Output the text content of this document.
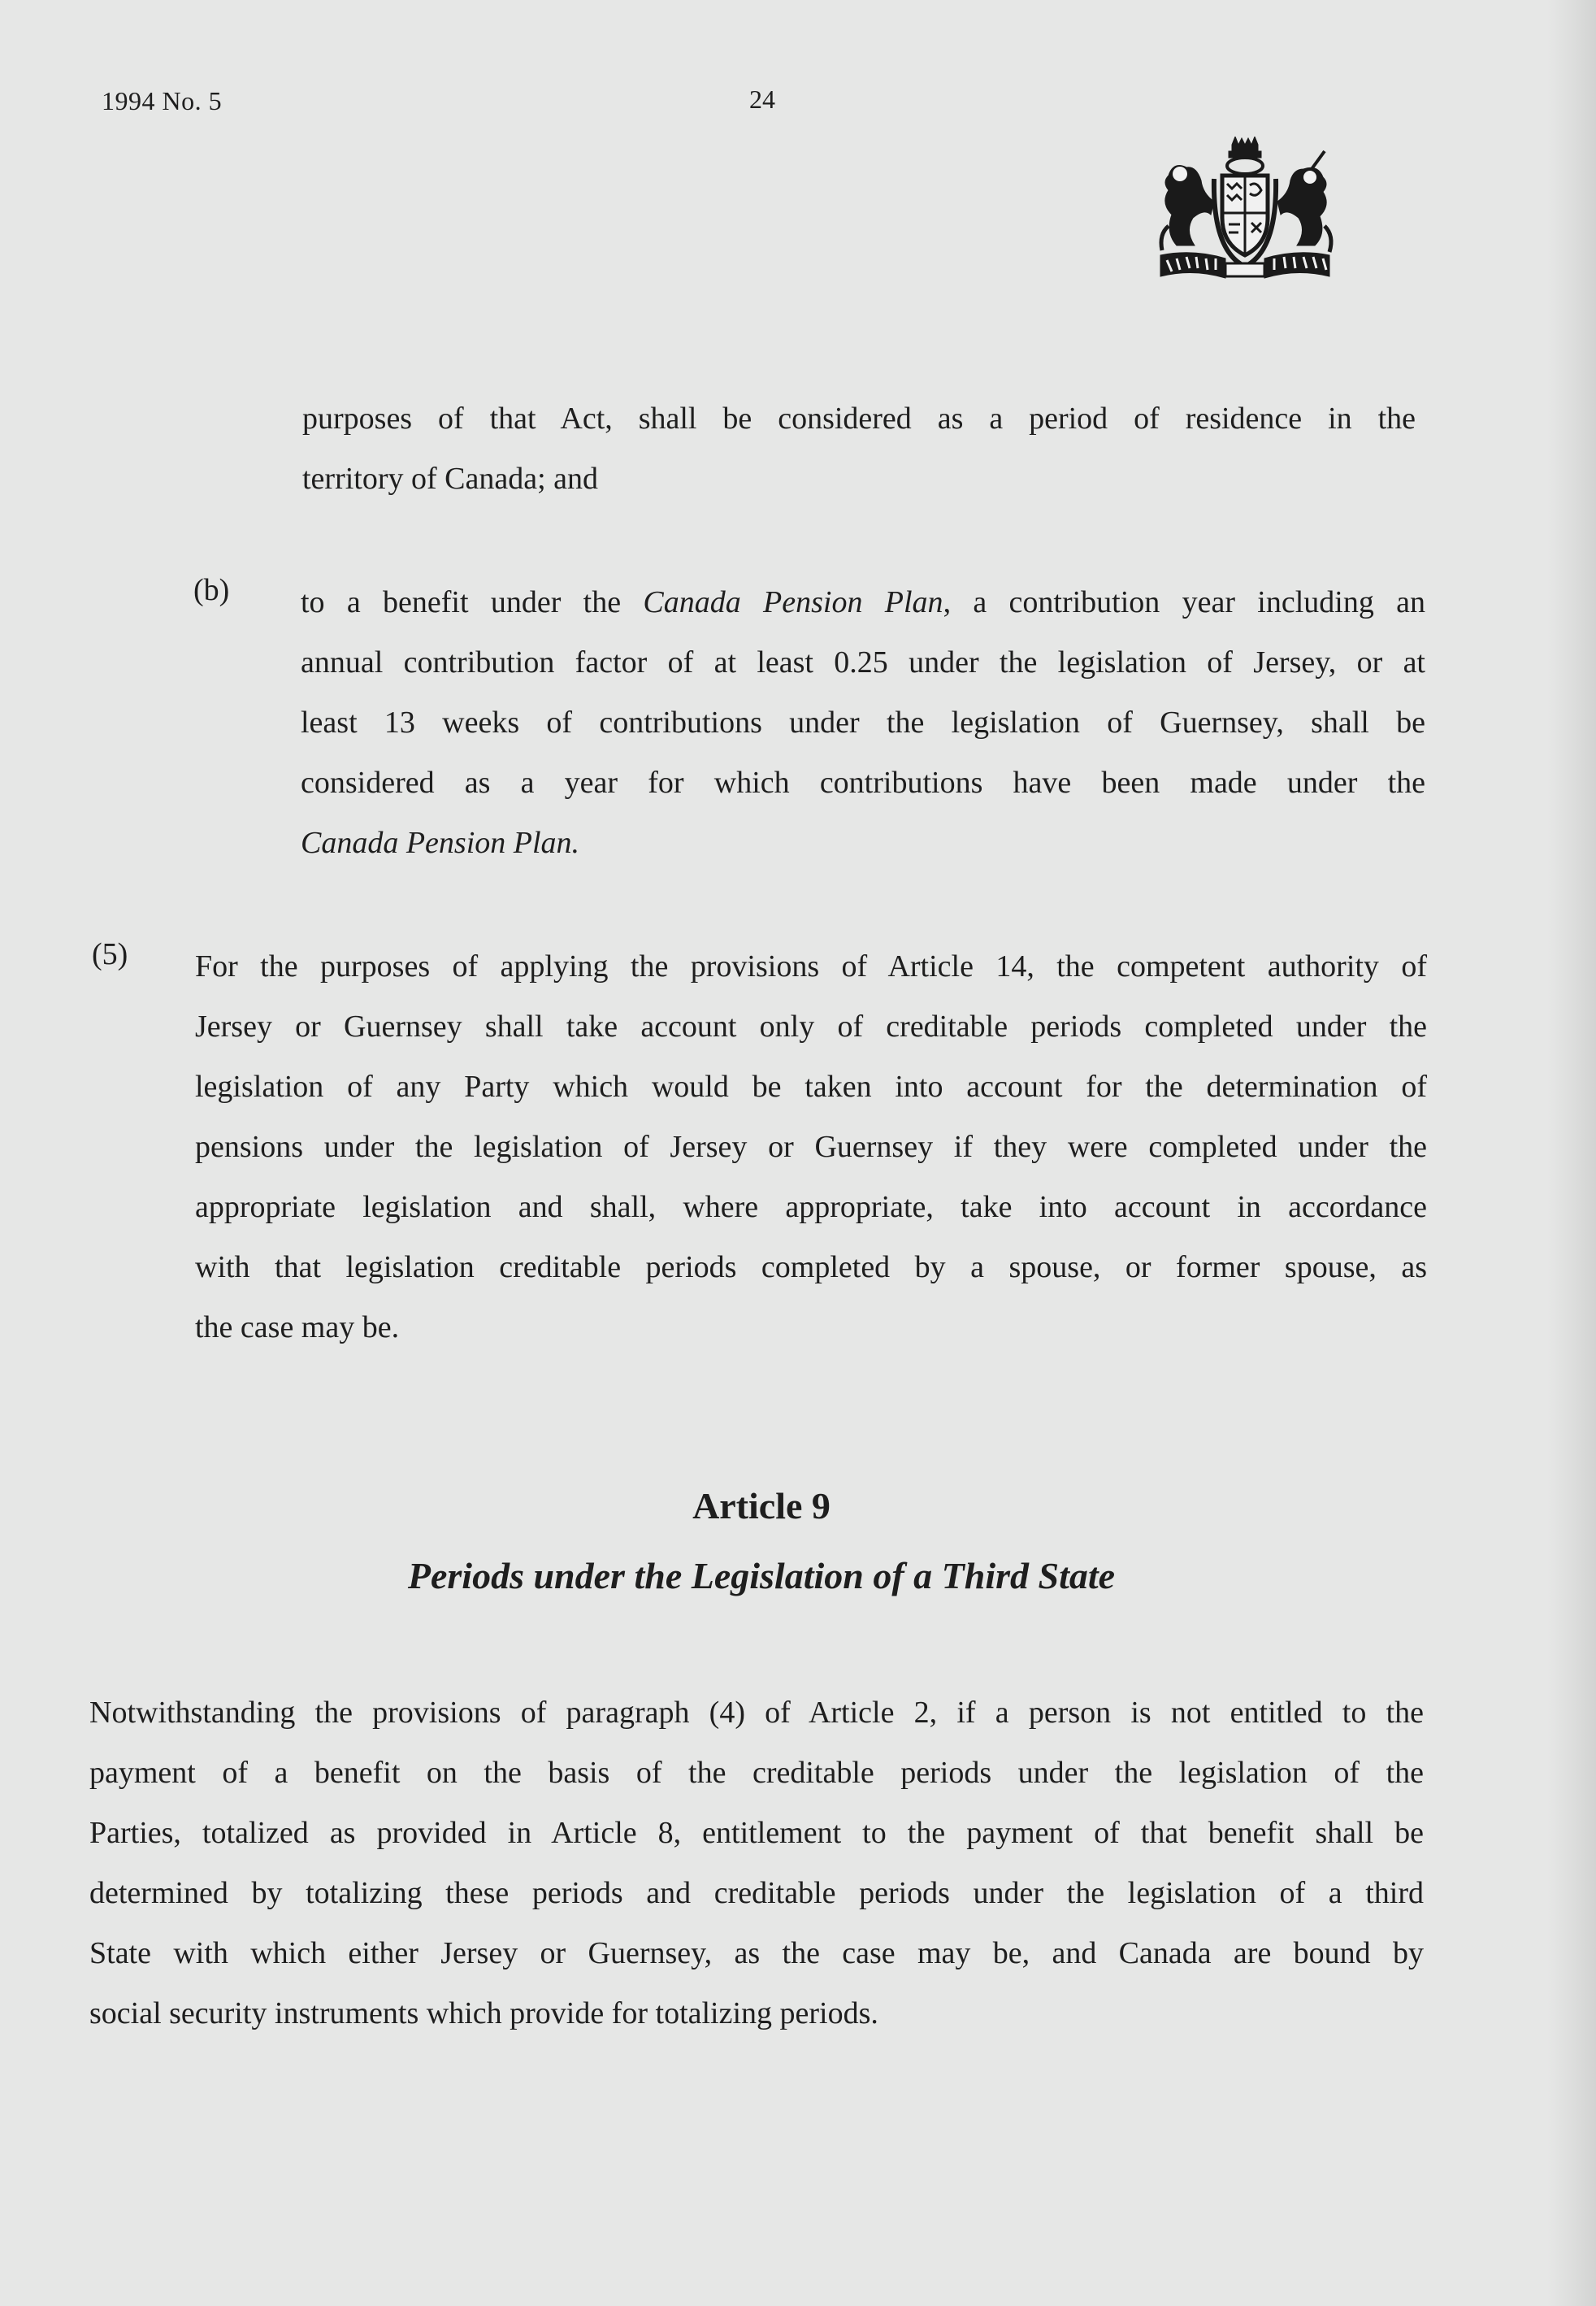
1994 No. 5	24
purposes of that Act, shall be considered as a period of residence in the
territory of Canada; and
(b) to a benefit under the Canada Pension Plan, a contribution year including an
annual contribution factor of at least 0.25 under the legislation of Jersey, or at
least 13 weeks of contributions under the legislation of Guernsey, shall be
considered as a year for which contributions have been made under the
Canada Pension Plan.
(5) For the purposes of applying the provisions of Article 14, the competent authority of
Jersey or Guernsey shall take account only of creditable periods completed under the
legislation of any Party which would be taken into account for the determination of
pensions under the legislation of Jersey or Guernsey if they were completed under the
appropriate legislation and shall, where appropriate, take into account in accordance
with that legislation creditable periods completed by a spouse, or former spouse, as
the case may be.
Article 9
Periods under the Legislation of a Third State
Notwithstanding the provisions of paragraph (4) of Article 2, if a person is not entitled to the
payment of a benefit on the basis of the creditable periods under the legislation of the
Parties, totalized as provided in Article 8, entitlement to the payment of that benefit shall be
determined by totalizing these periods and creditable periods under the legislation of a third
State with which either Jersey or Guernsey, as the case may be, and Canada are bound by
social security instruments which provide for totalizing periods.
